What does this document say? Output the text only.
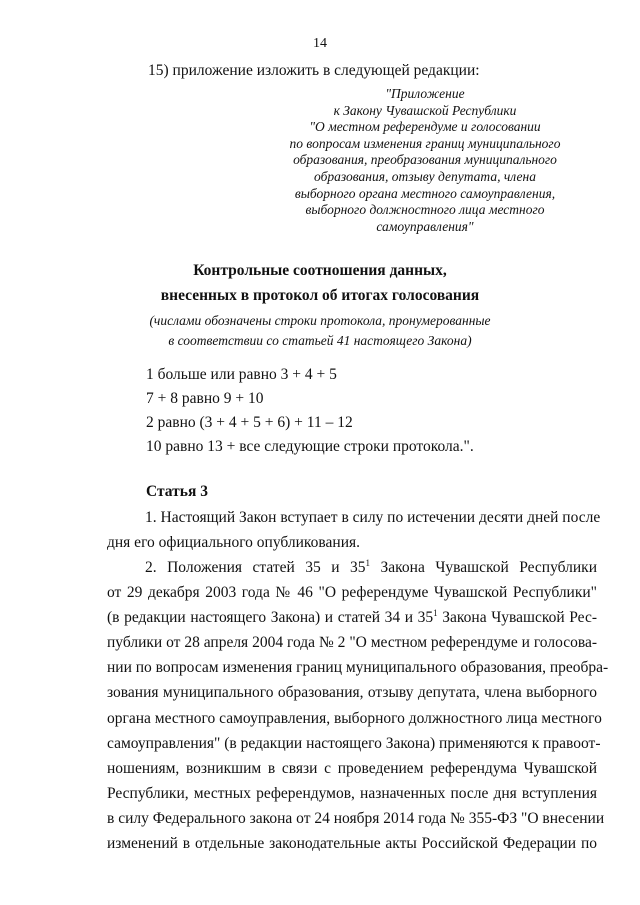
14

15) приложение изложить в следующей редакции:

"Приложение
к Закону Чувашской Республики
"О местном референдуме и голосовании
по вопросам изменения границ муниципального
образования, преобразования муниципального
образования, отзыву депутата, члена
выборного органа местного самоуправления,
выборного должностного лица местного
самоуправления"

Контрольные соотношения данных,

внесенных в протокол об итогах голосования

(числами обозначены строки протокола, пронумерованные

в соответствии со статьей 41 настоящего Закона)

1 больше или равно 3 + 4 + 5

7 + 8 равно 9 + 10

2 равно (3 + 4 + 5 + 6) + 11 – 12

10 равно 13 + все следующие строки протокола.".

Статья 3

1. Настоящий Закон вступает в силу по истечении десяти дней после
дня его официального опубликования.
2. Положения статей 35 и $35^1$ Закона Чувашской Республики
от 29 декабря 2003 года № 46 "О референдуме Чувашской Республики"
(в редакции настоящего Закона) и статей 34 и $35^1$ Закона Чувашской Рес-
публики от 28 апреля 2004 года № 2 "О местном референдуме и голосова-
нии по вопросам изменения границ муниципального образования, преобра-
зования муниципального образования, отзыву депутата, члена выборного
органа местного самоуправления, выборного должностного лица местного
самоуправления" (в редакции настоящего Закона) применяются к правоот-
ношениям, возникшим в связи с проведением референдума Чувашской
Республики, местных референдумов, назначенных после дня вступления
в силу Федерального закона от 24 ноября 2014 года № 355-ФЗ "О внесении
изменений в отдельные законодательные акты Российской Федерации по
